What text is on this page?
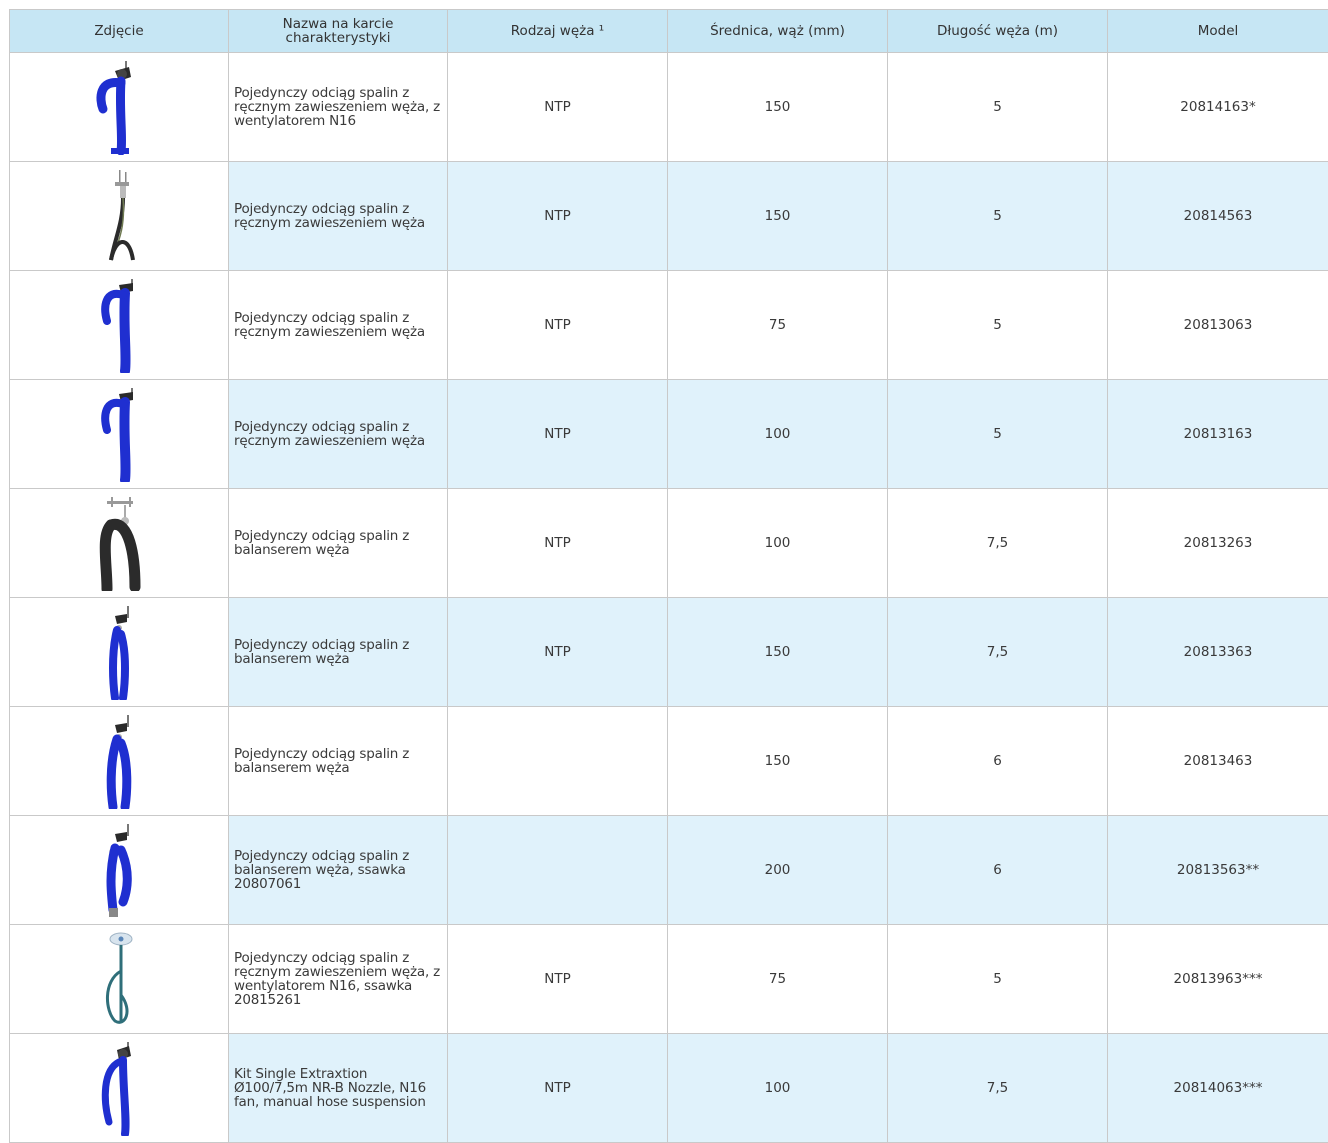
Zdjęcie	Nazwa na karcie charakterystyki	Rodzaj węża ¹	Średnica, wąż (mm)	Długość węża (m)	Model

	Pojedynczy odciąg spalin z ręcznym zawieszeniem węża, z wentylatorem N16	NTP	150	5	20814163*

	Pojedynczy odciąg spalin z ręcznym zawieszeniem węża	NTP	150	5	20814563

	Pojedynczy odciąg spalin z ręcznym zawieszeniem węża	NTP	75	5	20813063

	Pojedynczy odciąg spalin z ręcznym zawieszeniem węża	NTP	100	5	20813163

	Pojedynczy odciąg spalin z balanserem węża	NTP	100	7,5	20813263

	Pojedynczy odciąg spalin z balanserem węża	NTP	150	7,5	20813363

	Pojedynczy odciąg spalin z balanserem węża		150	6	20813463

	Pojedynczy odciąg spalin z balanserem węża, ssawka 20807061		200	6	20813563**

	Pojedynczy odciąg spalin z ręcznym zawieszeniem węża, z wentylatorem N16, ssawka 20815261	NTP	75	5	20813963***

	Kit Single Extraxtion Ø100/7,5m NR-B Nozzle, N16 fan, manual hose suspension	NTP	100	7,5	20814063***
